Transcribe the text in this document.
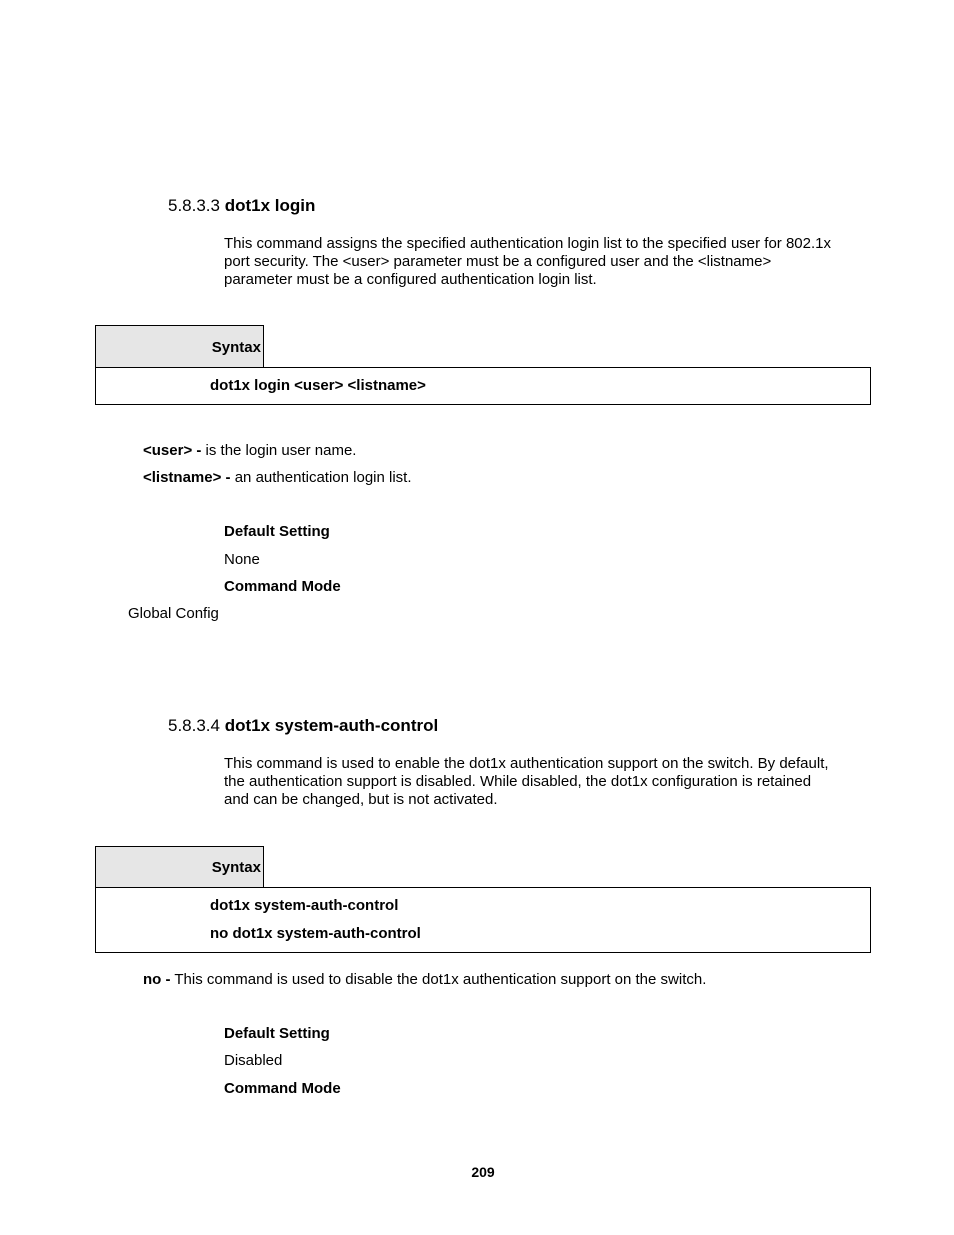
5.8.3.3 dot1x login
This command assigns the specified authentication login list to the specified user for 802.1x
port security. The <user> parameter must be a configured user and the <listname>
parameter must be a configured authentication login list.
Syntax
dot1x login <user> <listname>
<user> - is the login user name.
<listname> - an authentication login list.
Default Setting
None
Command Mode
Global Config
5.8.3.4 dot1x system-auth-control
This command is used to enable the dot1x authentication support on the switch. By default,
the authentication support is disabled. While disabled, the dot1x configuration is retained
and can be changed, but is not activated.
Syntax
dot1x system-auth-control
no dot1x system-auth-control
no - This command is used to disable the dot1x authentication support on the switch.
Default Setting
Disabled
Command Mode
209
